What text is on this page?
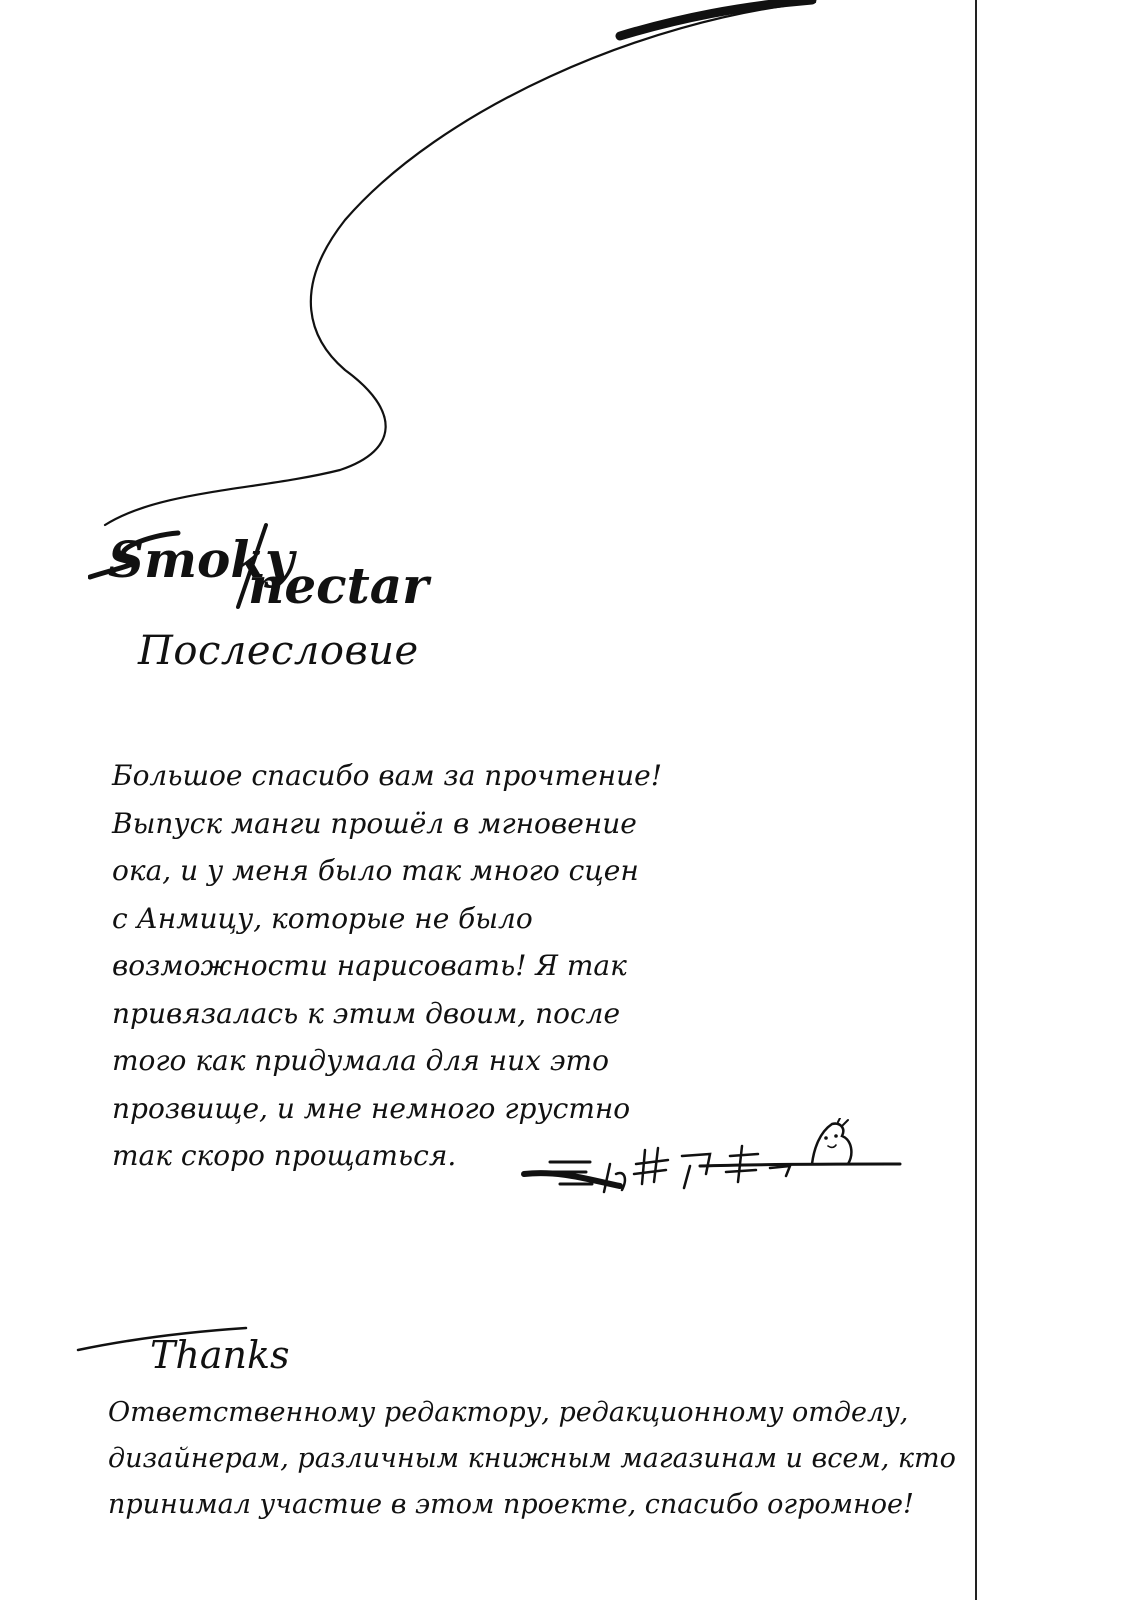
Smoky
nectar
Послесловие
Большое спасибо вам за прочтение!
Выпуск манги прошёл в мгновение
ока, и у меня было так много сцен
с Анмицу, которые не было
возможности нарисовать! Я так
привязалась к этим двоим, после
того как придумала для них это
прозвище, и мне немного грустно
так скоро прощаться.
Thanks
Ответственному редактору, редакционному отделу,
дизайнерам, различным книжным магазинам и всем, кто
принимал участие в этом проекте, спасибо огромное!
